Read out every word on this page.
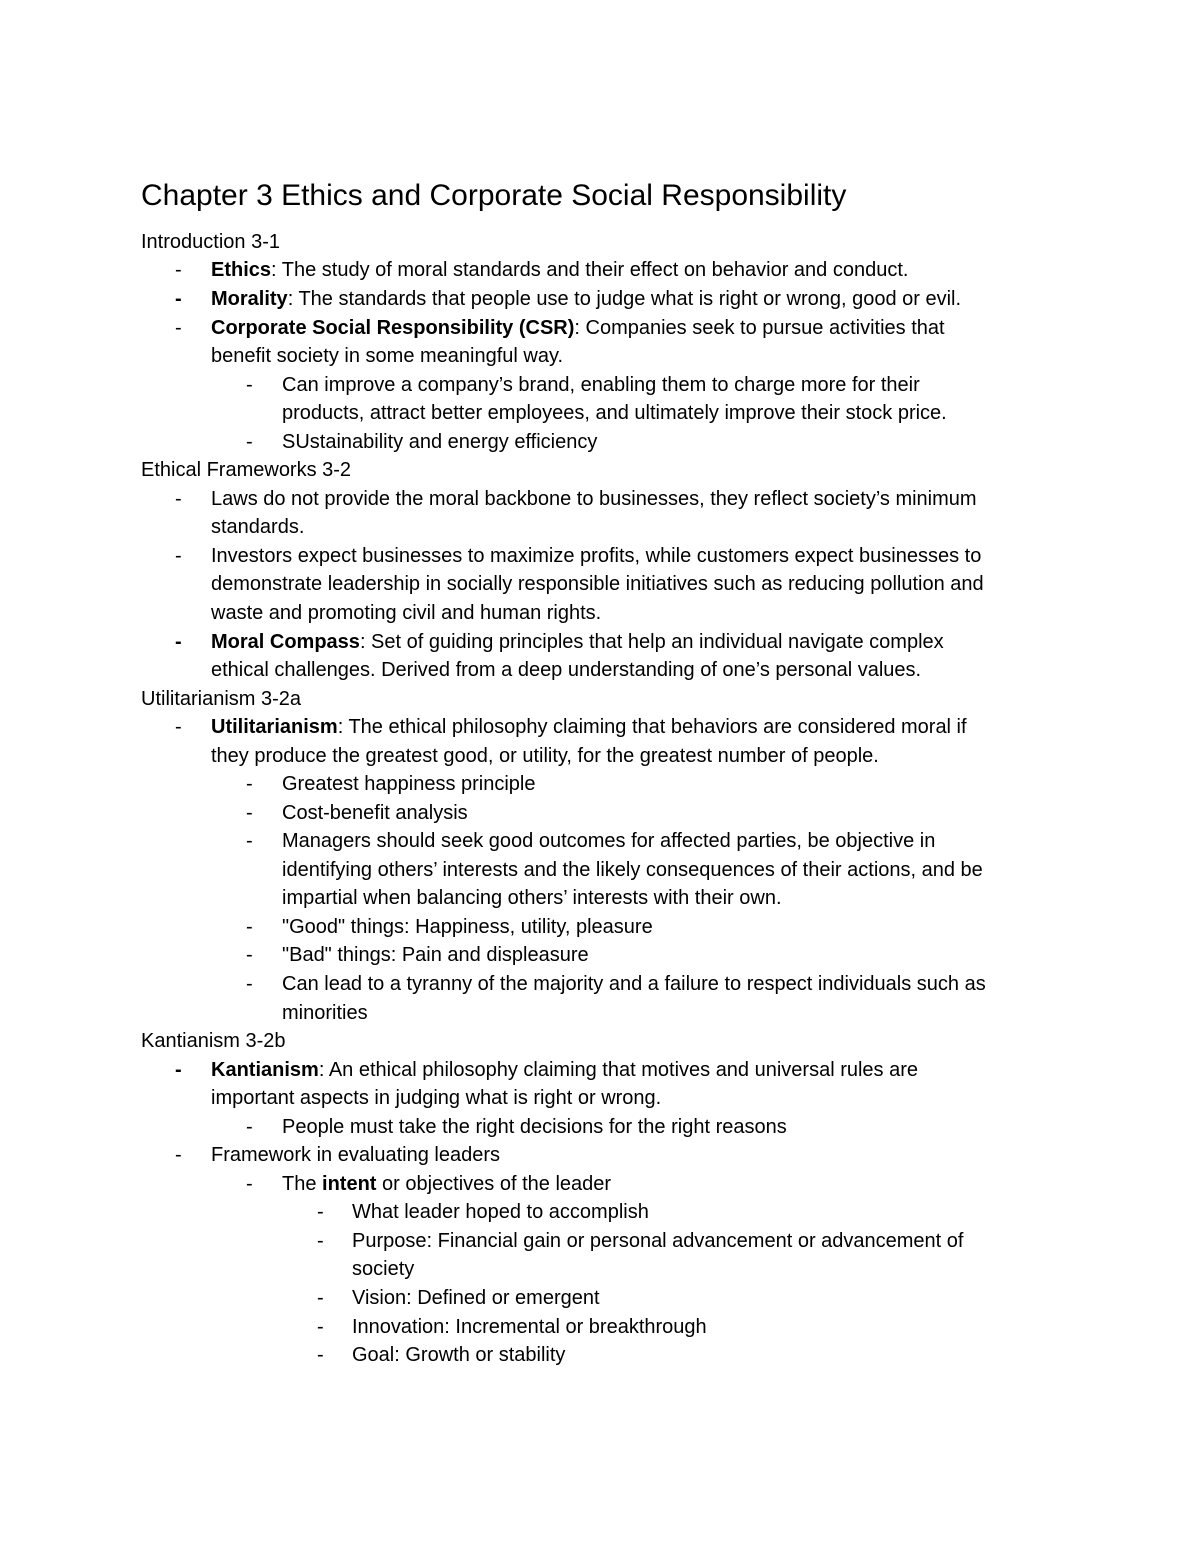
Chapter 3 Ethics and Corporate Social Responsibility
Introduction 3-1
- Ethics: The study of moral standards and their effect on behavior and conduct.
- Morality: The standards that people use to judge what is right or wrong, good or evil.
- Corporate Social Responsibility (CSR): Companies seek to pursue activities that
benefit society in some meaningful way.
- Can improve a company’s brand, enabling them to charge more for their
products, attract better employees, and ultimately improve their stock price.
- SUstainability and energy efficiency
Ethical Frameworks 3-2
- Laws do not provide the moral backbone to businesses, they reflect society’s minimum
standards.
- Investors expect businesses to maximize profits, while customers expect businesses to
demonstrate leadership in socially responsible initiatives such as reducing pollution and
waste and promoting civil and human rights.
- Moral Compass: Set of guiding principles that help an individual navigate complex
ethical challenges. Derived from a deep understanding of one’s personal values.
Utilitarianism 3-2a
- Utilitarianism: The ethical philosophy claiming that behaviors are considered moral if
they produce the greatest good, or utility, for the greatest number of people.
- Greatest happiness principle
- Cost-benefit analysis
- Managers should seek good outcomes for affected parties, be objective in
identifying others’ interests and the likely consequences of their actions, and be
impartial when balancing others’ interests with their own.
- "Good" things: Happiness, utility, pleasure
- "Bad" things: Pain and displeasure
- Can lead to a tyranny of the majority and a failure to respect individuals such as
minorities
Kantianism 3-2b
- Kantianism: An ethical philosophy claiming that motives and universal rules are
important aspects in judging what is right or wrong.
- People must take the right decisions for the right reasons
- Framework in evaluating leaders
- The intent or objectives of the leader
- What leader hoped to accomplish
- Purpose: Financial gain or personal advancement or advancement of
society
- Vision: Defined or emergent
- Innovation: Incremental or breakthrough
- Goal: Growth or stability
